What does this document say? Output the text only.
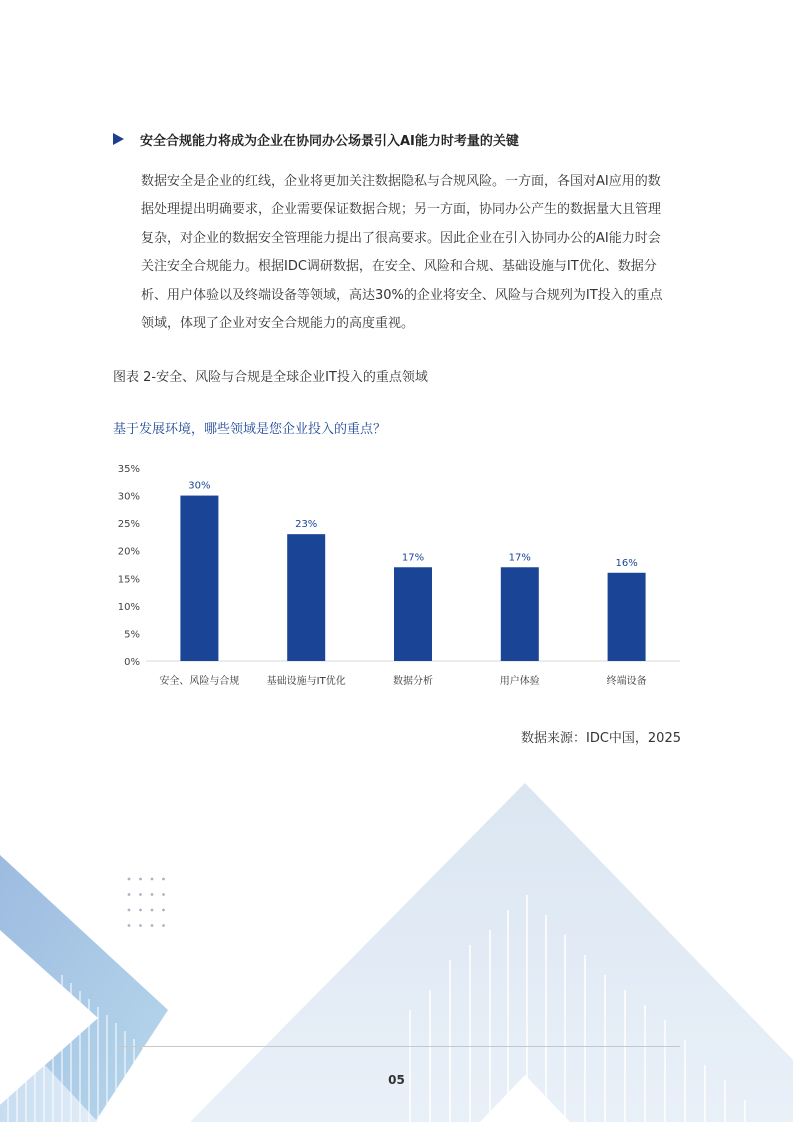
安全合规能力将成为企业在协同办公场景引入AI能力时考量的关键
数据安全是企业的红线，企业将更加关注数据隐私与合规风险。一方面，各国对AI应用的数
据处理提出明确要求，企业需要保证数据合规；另一方面，协同办公产生的数据量大且管理
复杂，对企业的数据安全管理能力提出了很高要求。因此企业在引入协同办公的AI能力时会
关注安全合规能力。根据IDC调研数据，在安全、风险和合规、基础设施与IT优化、数据分
析、用户体验以及终端设备等领域，高达30%的企业将安全、风险与合规列为IT投入的重点
领域，体现了企业对安全合规能力的高度重视。
图表 2-安全、风险与合规是全球企业IT投入的重点领域
基于发展环境，哪些领域是您企业投入的重点？
0%
5%
10%
15%
20%
25%
30%
35%
30%
安全、风险与合规
23%
基础设施与IT优化
17%
数据分析
17%
用户体验
16%
终端设备
数据来源：IDC中国，2025
05
